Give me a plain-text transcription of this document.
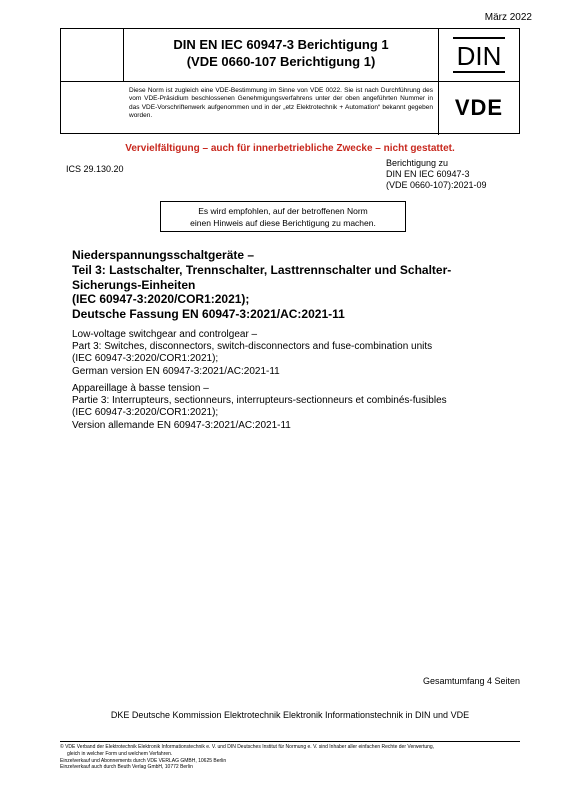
März 2022
DIN EN IEC 60947-3 Berichtigung 1
(VDE 0660-107 Berichtigung 1)	DIN
Diese Norm ist zugleich eine VDE-Bestimmung im Sinne von VDE 0022. Sie ist nach Durchführung des vom VDE-Präsidium beschlossenen Genehmigungsverfahrens unter der oben angeführten Nummer in das VDE-Vorschriftenwerk aufgenommen und in der „etz Elektrotechnik + Automation“ bekannt gegeben worden.	VDE
Vervielfältigung – auch für innerbetriebliche Zwecke – nicht gestattet.
ICS 29.130.20
Berichtigung zu
DIN EN IEC 60947-3
(VDE 0660-107):2021-09
Es wird empfohlen, auf der betroffenen Norm
einen Hinweis auf diese Berichtigung zu machen.
Niederspannungsschaltgeräte –
Teil 3: Lastschalter, Trennschalter, Lasttrennschalter und Schalter-
Sicherungs-Einheiten
(IEC 60947-3:2020/COR1:2021);
Deutsche Fassung EN 60947-3:2021/AC:2021-11
Low-voltage switchgear and controlgear –
Part 3: Switches, disconnectors, switch-disconnectors and fuse-combination units
(IEC 60947-3:2020/COR1:2021);
German version EN 60947-3:2021/AC:2021-11
Appareillage à basse tension –
Partie 3: Interrupteurs, sectionneurs, interrupteurs-sectionneurs et combinés-fusibles
(IEC 60947-3:2020/COR1:2021);
Version allemande EN 60947-3:2021/AC:2021-11
Gesamtumfang 4 Seiten
DKE Deutsche Kommission Elektrotechnik Elektronik Informationstechnik in DIN und VDE
© VDE Verband der Elektrotechnik Elektronik Informationstechnik e. V. und DIN Deutsches Institut für Normung e. V. sind Inhaber aller einfachen Rechte der Verwertung,
gleich in welcher Form und welchem Verfahren.
Einzelverkauf und Abonnements durch VDE VERLAG GMBH, 10625 Berlin
Einzelverkauf auch durch Beuth Verlag GmbH, 10772 Berlin
